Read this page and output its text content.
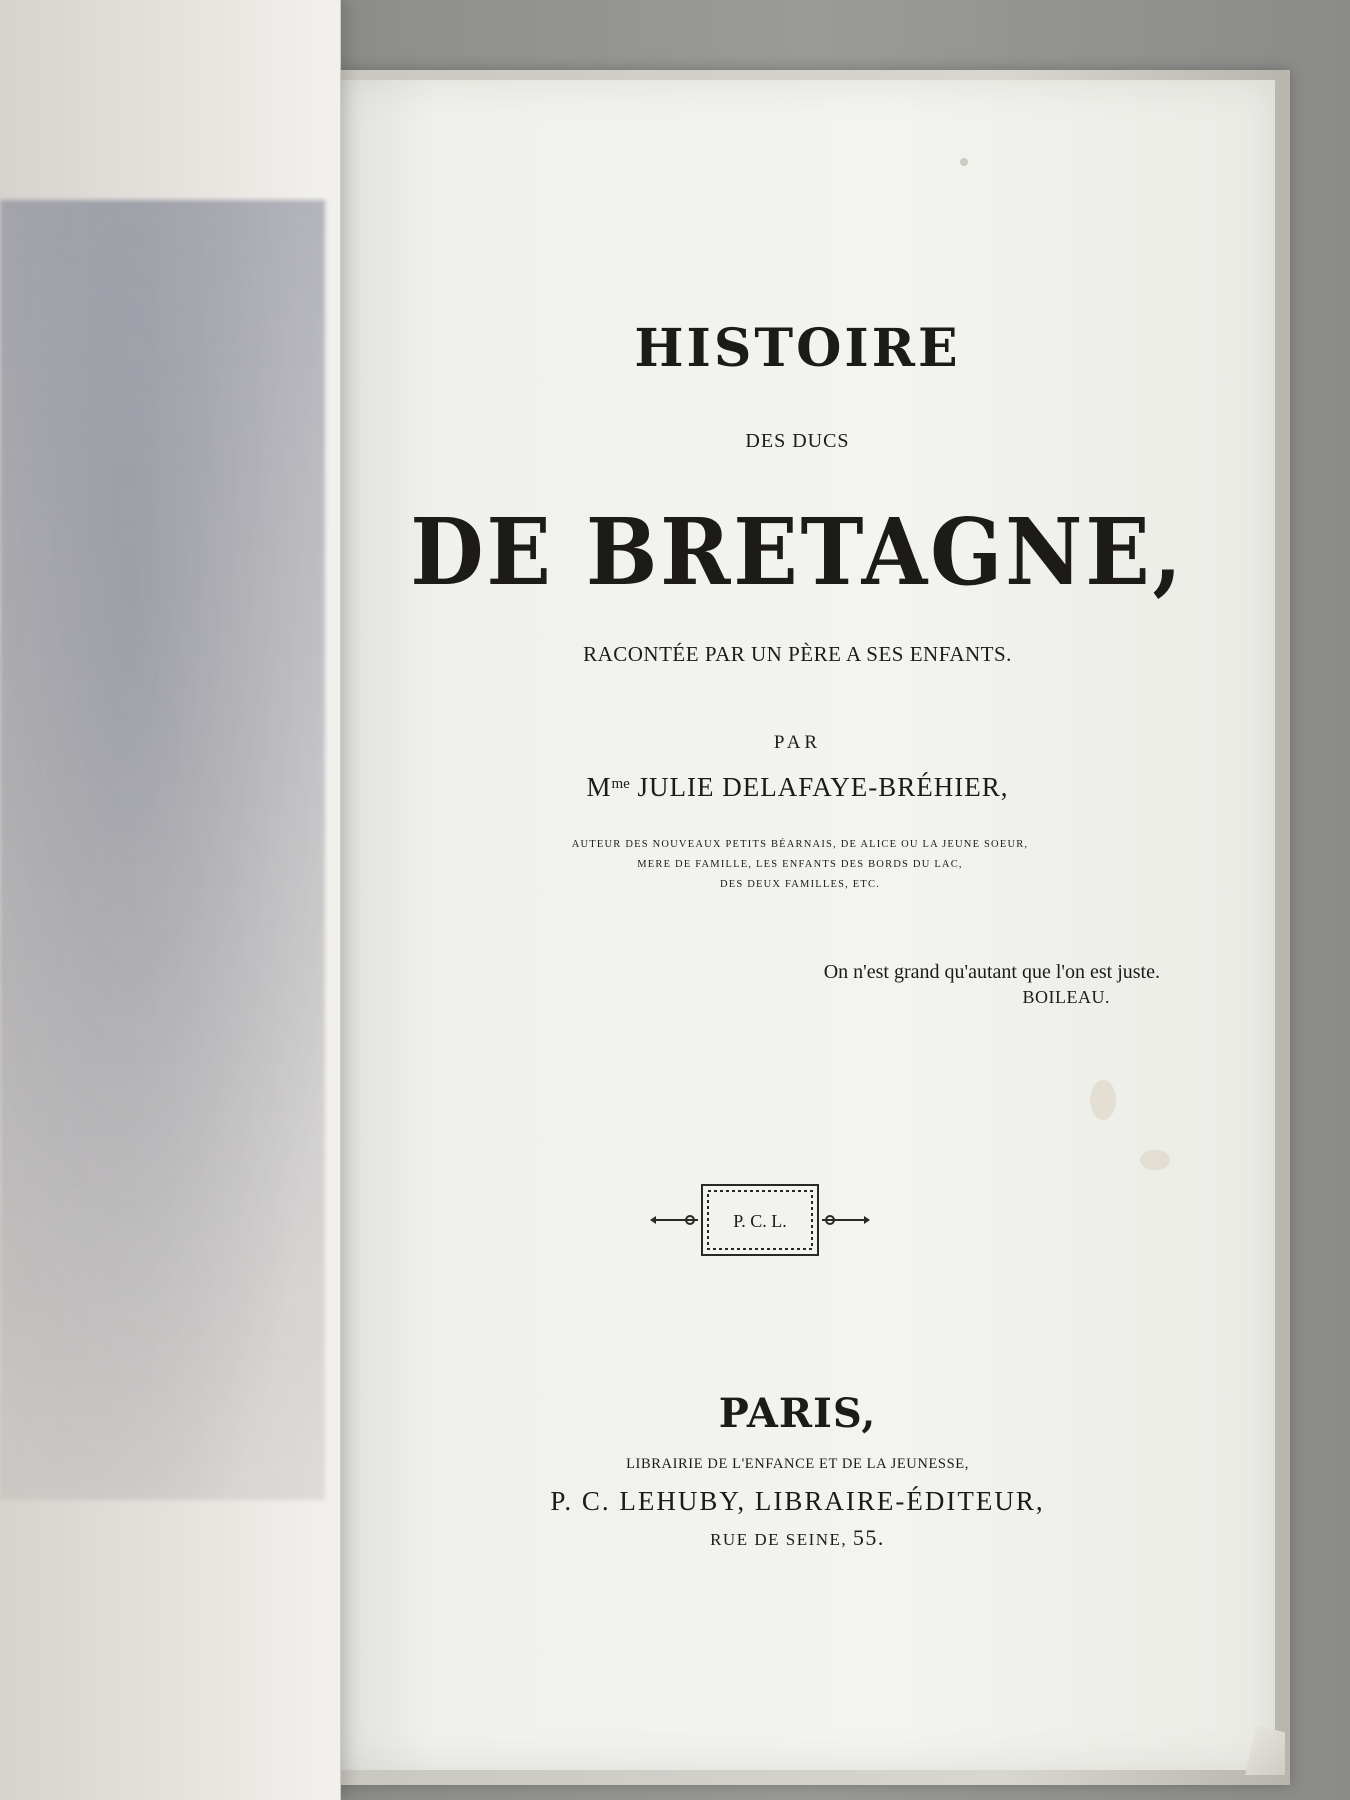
HISTOIRE
DES DUCS
DE BRETAGNE,
RACONTÉE PAR UN PÈRE A SES ENFANTS.
PAR
$M^{me}$ JULIE DELAFAYE-BRÉHIER,
AUTEUR DES NOUVEAUX PETITS BÉARNAIS, DE ALICE OU LA JEUNE SOEUR,
MERE DE FAMILLE, LES ENFANTS DES BORDS DU LAC,
DES DEUX FAMILLES, ETC.
On n'est grand qu'autant que l'on est juste.
BOILEAU.
P. C. L.
PARIS,
LIBRAIRIE DE L'ENFANCE ET DE LA JEUNESSE,
P. C. LEHUBY, LIBRAIRE-ÉDITEUR,
RUE DE SEINE, 55.
